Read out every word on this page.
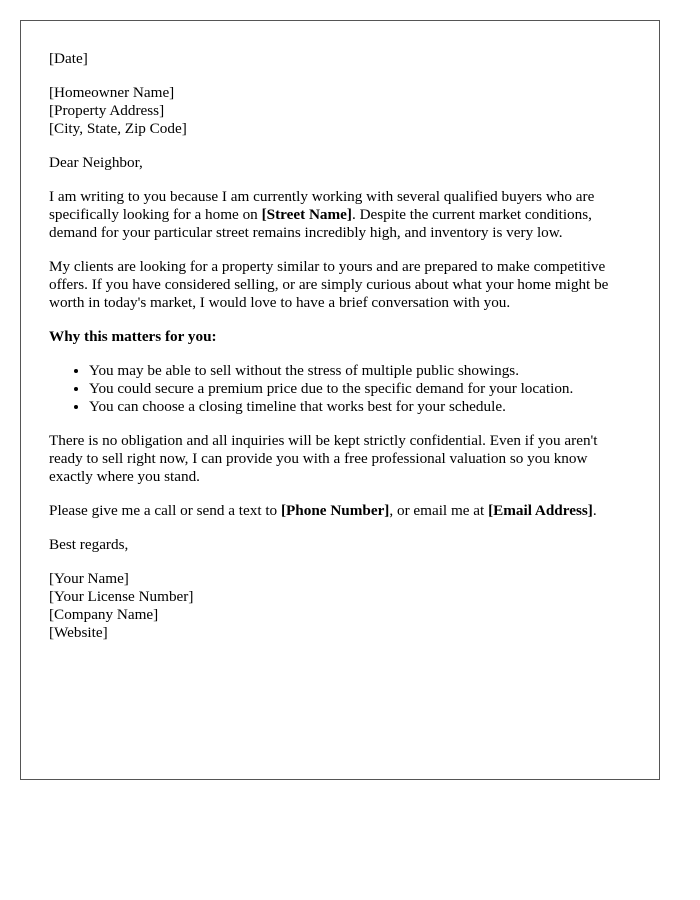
[Date]
[Homeowner Name]
[Property Address]
[City, State, Zip Code]

Dear Neighbor,

I am writing to you because I am currently working with several qualified buyers who are specifically looking for a home on [Street Name]. Despite the current market conditions, demand for your particular street remains incredibly high, and inventory is very low.

My clients are looking for a property similar to yours and are prepared to make competitive offers. If you have considered selling, or are simply curious about what your home might be worth in today's market, I would love to have a brief conversation with you.

Why this matters for you:

• You may be able to sell without the stress of multiple public showings.
• You could secure a premium price due to the specific demand for your location.
• You can choose a closing timeline that works best for your schedule.

There is no obligation and all inquiries will be kept strictly confidential. Even if you aren't ready to sell right now, I can provide you with a free professional valuation so you know exactly where you stand.

Please give me a call or send a text to [Phone Number], or email me at [Email Address].

Best regards,

[Your Name]
[Your License Number]
[Company Name]
[Website]
